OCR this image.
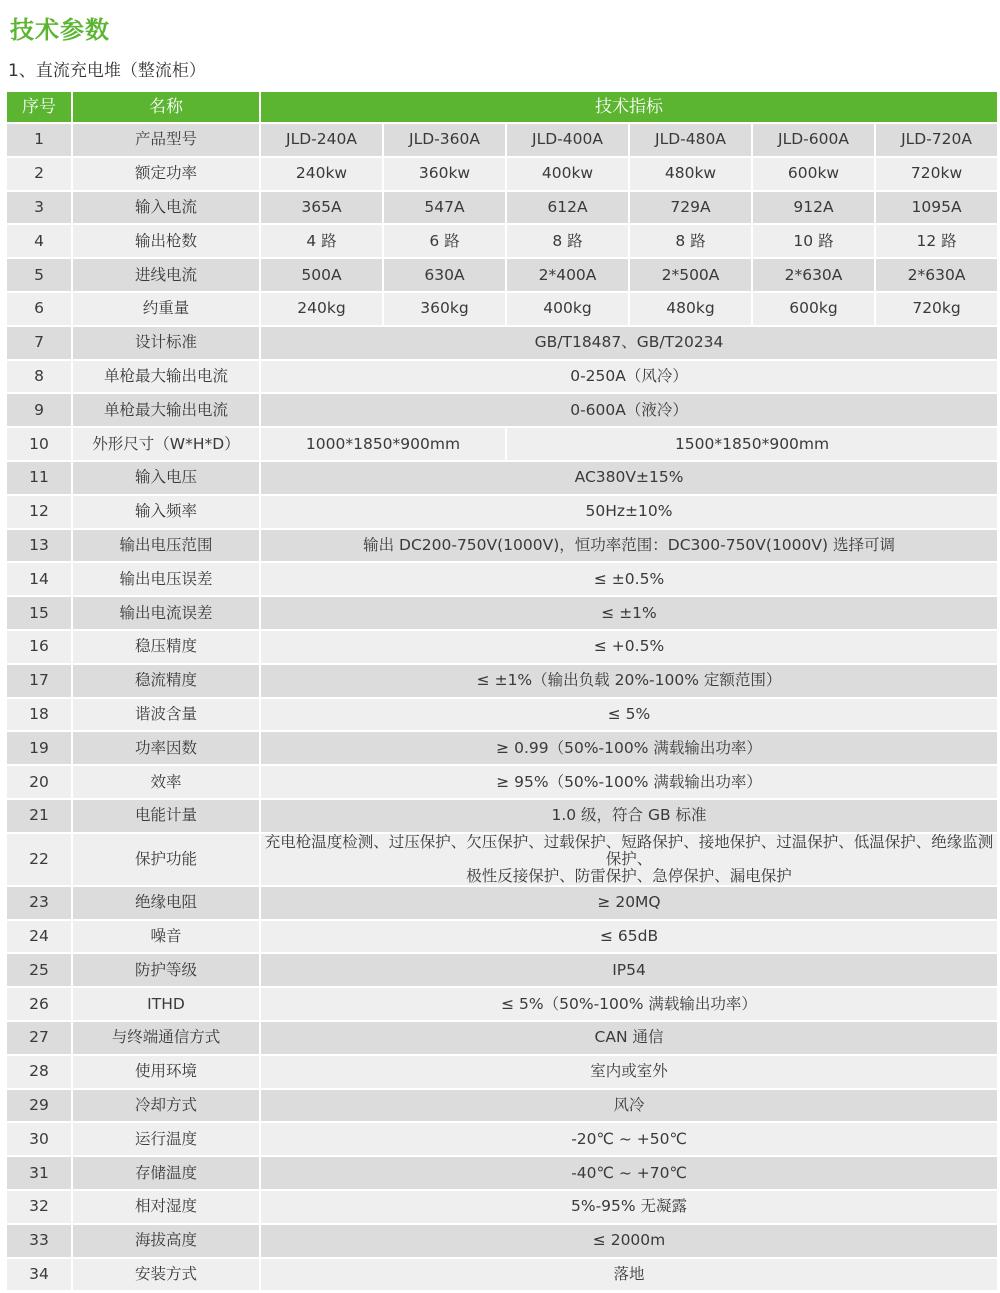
技术参数
1、直流充电堆（整流柜）
序号	名称	技术指标					
1	产品型号	JLD-240A	JLD-360A	JLD-400A	JLD-480A	JLD-600A	JLD-720A
2	额定功率	240kw	360kw	400kw	480kw	600kw	720kw
3	输入电流	365A	547A	612A	729A	912A	1095A
4	输出枪数	4 路	6 路	8 路	8 路	10 路	12 路
5	进线电流	500A	630A	2*400A	2*500A	2*630A	2*630A
6	约重量	240kg	360kg	400kg	480kg	600kg	720kg
7	设计标准	GB/T18487、GB/T20234					
8	单枪最大输出电流	0-250A（风冷）					
9	单枪最大输出电流	0-600A（液冷）					
10	外形尺寸（W*H*D）	1000*1850*900mm		1500*1850*900mm			
11	输入电压	AC380V±15%					
12	输入频率	50Hz±10%					
13	输出电压范围	输出 DC200-750V(1000V)，恒功率范围：DC300-750V(1000V) 选择可调					
14	输出电压误差	≤ ±0.5%					
15	输出电流误差	≤ ±1%					
16	稳压精度	≤ +0.5%					
17	稳流精度	≤ ±1%（输出负载 20%-100% 定额范围）					
18	谐波含量	≤ 5%					
19	功率因数	≥ 0.99（50%-100% 满载输出功率）					
20	效率	≥ 95%（50%-100% 满载输出功率）					
21	电能计量	1.0 级，符合 GB 标准					
22	保护功能	充电枪温度检测、过压保护、欠压保护、过载保护、短路保护、接地保护、过温保护、低温保护、绝缘监测保护、
极性反接保护、防雷保护、急停保护、漏电保护					

23	绝缘电阻	≥ 20MQ					
24	噪音	≤ 65dB					
25	防护等级	IP54					
26	ITHD	≤ 5%（50%-100% 满载输出功率）					
27	与终端通信方式	CAN 通信					
28	使用环境	室内或室外					
29	冷却方式	风冷					
30	运行温度	-20℃ ~ +50℃					
31	存储温度	-40℃ ~ +70℃					
32	相对湿度	5%-95% 无凝露					
33	海拔高度	≤ 2000m					
34	安装方式	落地					
